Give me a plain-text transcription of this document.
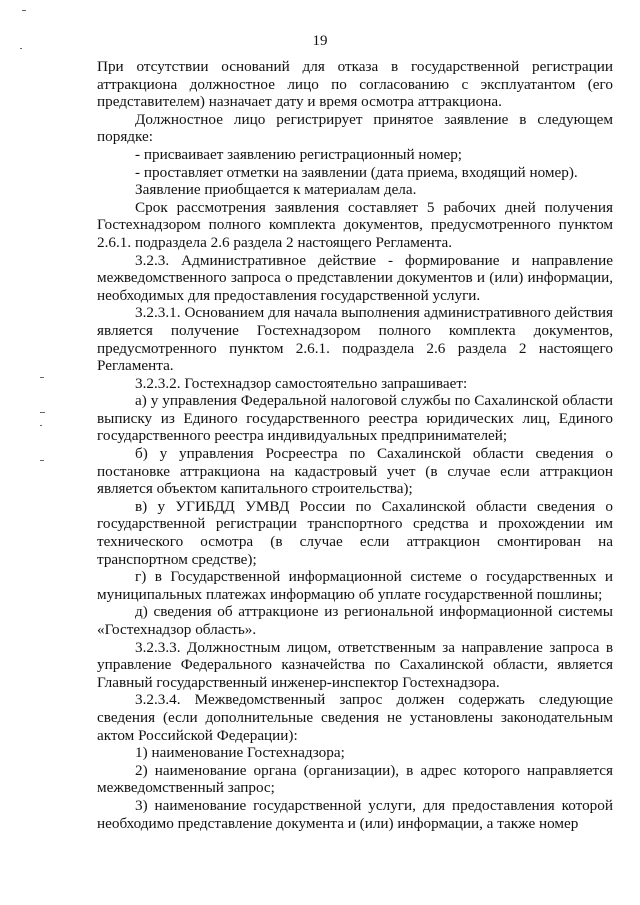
19

При отсутствии оснований для отказа в государственной регистрации аттракциона должностное лицо по согласованию с эксплуатантом (его представителем) назначает дату и время осмотра аттракциона.

Должностное лицо регистрирует принятое заявление в следующем порядке:

- присваивает заявлению регистрационный номер;

- проставляет отметки на заявлении (дата приема, входящий номер).

Заявление приобщается к материалам дела.

Срок рассмотрения заявления составляет 5 рабочих дней получения Гостехнадзором полного комплекта документов, предусмотренного пунктом 2.6.1. подраздела 2.6 раздела 2 настоящего Регламента.

3.2.3. Административное действие - формирование и направление межведомственного запроса о представлении документов и (или) информации, необходимых для предоставления государственной услуги.

3.2.3.1. Основанием для начала выполнения административного действия является получение Гостехнадзором полного комплекта документов, предусмотренного пунктом 2.6.1. подраздела 2.6 раздела 2 настоящего Регламента.

3.2.3.2. Гостехнадзор самостоятельно запрашивает:

а) у управления Федеральной налоговой службы по Сахалинской области выписку из Единого государственного реестра юридических лиц, Единого государственного реестра индивидуальных предпринимателей;

б) у управления Росреестра по Сахалинской области сведения о постановке аттракциона на кадастровый учет (в случае если аттракцион является объектом капитального строительства);

в) у УГИБДД УМВД России по Сахалинской области сведения о государственной регистрации транспортного средства и прохождении им технического осмотра (в случае если аттракцион смонтирован на транспортном средстве);

г) в Государственной информационной системе о государственных и муниципальных платежах информацию об уплате государственной пошлины;

д) сведения об аттракционе из региональной информационной системы «Гостехнадзор область».

3.2.3.3. Должностным лицом, ответственным за направление запроса в управление Федерального казначейства по Сахалинской области, является Главный государственный инженер-инспектор Гостехнадзора.

3.2.3.4. Межведомственный запрос должен содержать следующие сведения (если дополнительные сведения не установлены законодательным актом Российской Федерации):

1) наименование Гостехнадзора;

2) наименование органа (организации), в адрес которого направляется межведомственный запрос;

3) наименование государственной услуги, для предоставления которой необходимо представление документа и (или) информации, а также номер
